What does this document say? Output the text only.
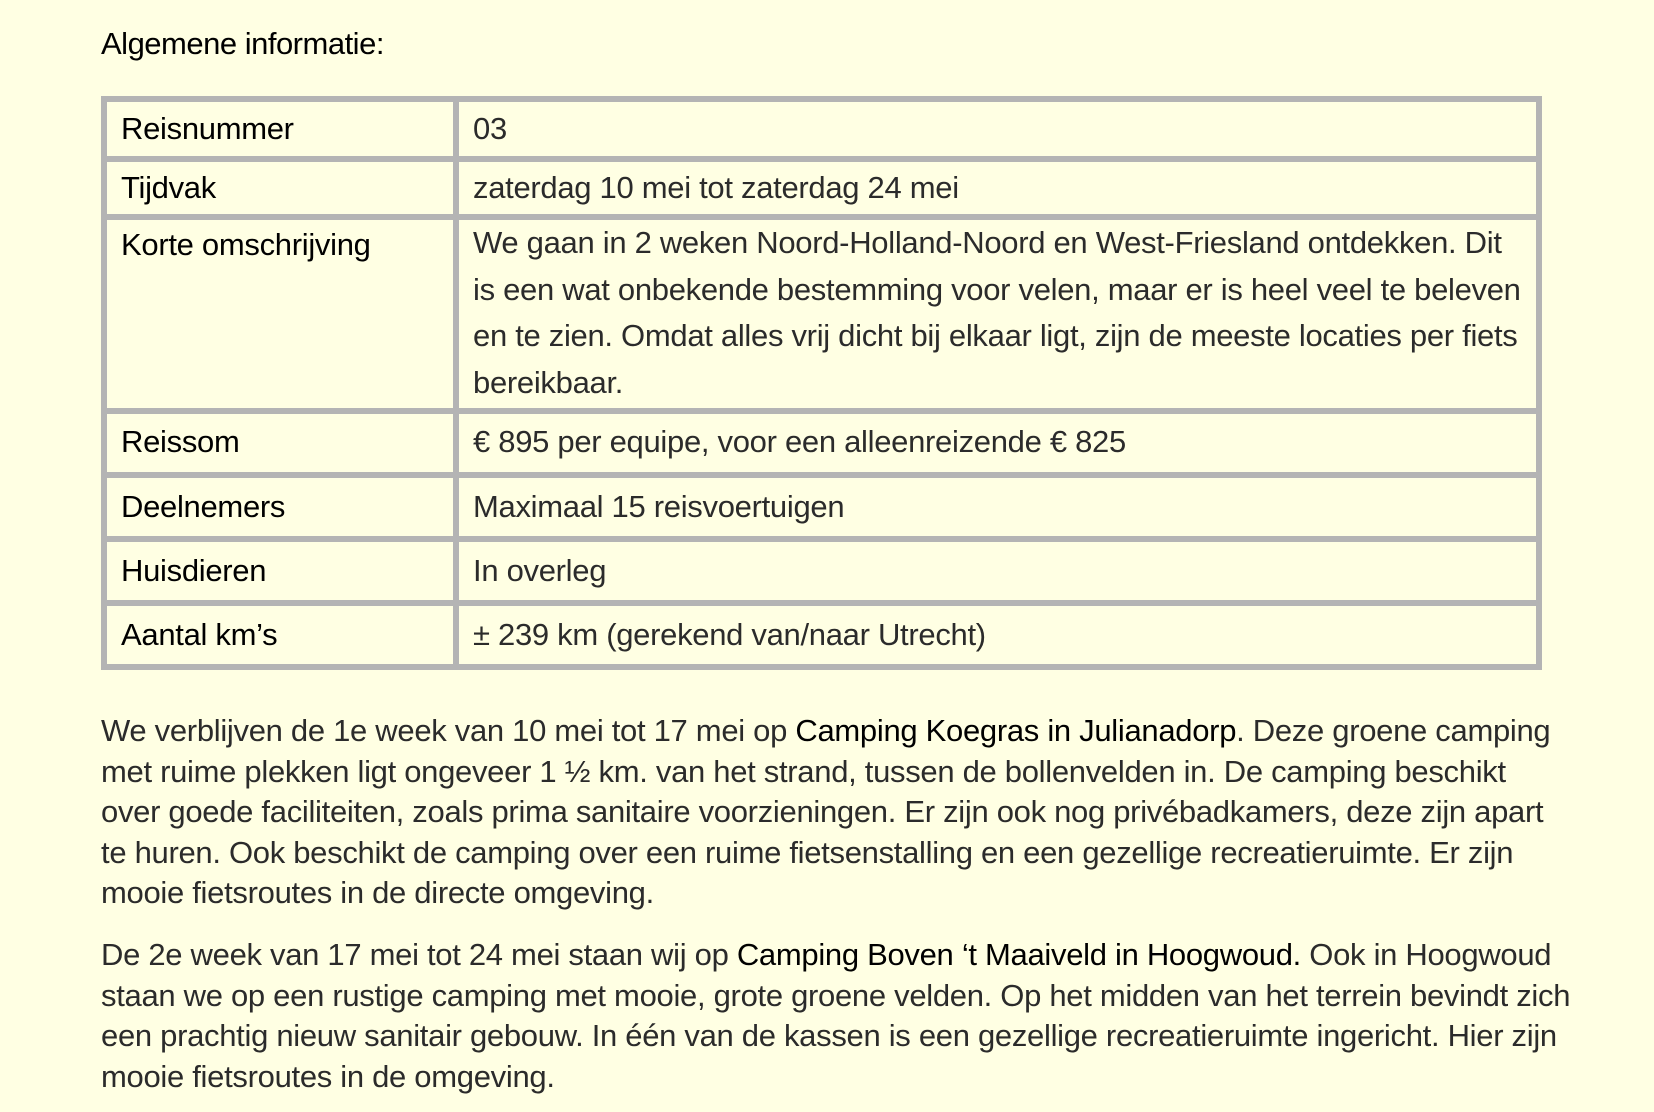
Algemene informatie:
Reisnummer	03
Tijdvak	zaterdag 10 mei tot zaterdag 24 mei
Korte omschrijving	We gaan in 2 weken Noord-Holland-Noord en West-Friesland ontdekken. Dit is een wat onbekende bestemming voor velen, maar er is heel veel te beleven en te zien. Omdat alles vrij dicht bij elkaar ligt, zijn de meeste locaties per fiets bereikbaar.
Reissom	€ 895 per equipe, voor een alleenreizende € 825
Deelnemers	Maximaal 15 reisvoertuigen
Huisdieren	In overleg
Aantal km’s	± 239 km (gerekend van/naar Utrecht)

We verblijven de 1e week van 10 mei tot 17 mei op Camping Koegras in Julianadorp. Deze groene camping met ruime plekken ligt ongeveer 1 ½ km. van het strand, tussen de bollenvelden in. De camping beschikt over goede faciliteiten, zoals prima sanitaire voorzieningen. Er zijn ook nog privébadkamers, deze zijn apart te huren. Ook beschikt de camping over een ruime fietsenstalling en een gezellige recreatieruimte. Er zijn mooie fietsroutes in de directe omgeving.

De 2e week van 17 mei tot 24 mei staan wij op Camping Boven ‘t Maaiveld in Hoogwoud. Ook in Hoogwoud staan we op een rustige camping met mooie, grote groene velden. Op het midden van het terrein bevindt zich een prachtig nieuw sanitair gebouw. In één van de kassen is een gezellige recreatieruimte ingericht. Hier zijn mooie fietsroutes in de omgeving.
